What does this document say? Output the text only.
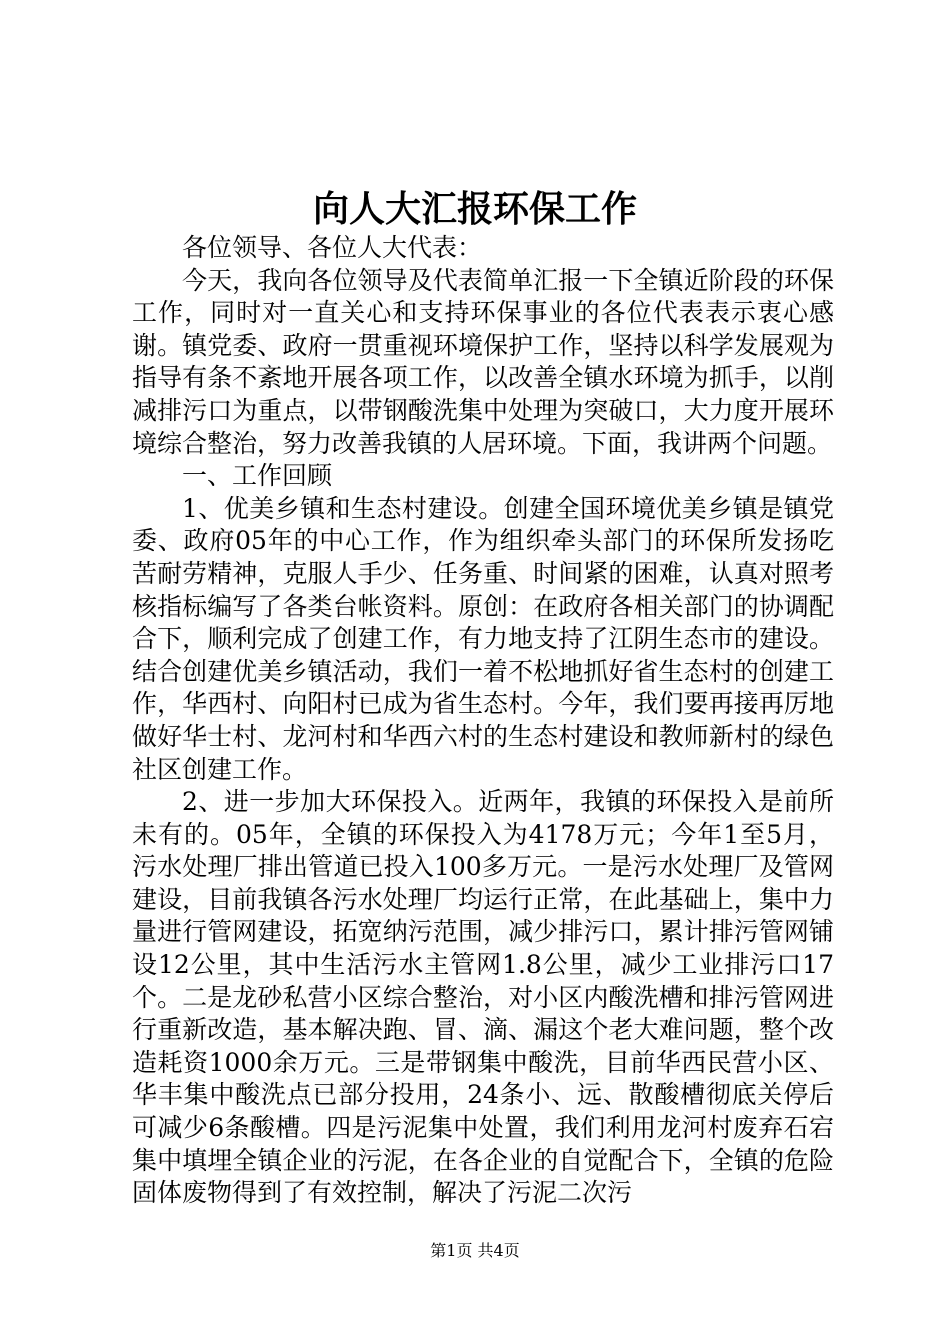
向人大汇报环保工作

各位领导、各位人大代表：

今天，我向各位领导及代表简单汇报一下全镇近阶段的环保工作，同时对一直关心和支持环保事业的各位代表表示衷心感谢。镇党委、政府一贯重视环境保护工作，坚持以科学发展观为指导有条不紊地开展各项工作，以改善全镇水环境为抓手，以削减排污口为重点，以带钢酸洗集中处理为突破口，大力度开展环境综合整治，努力改善我镇的人居环境。下面，我讲两个问题。

一、工作回顾

1、优美乡镇和生态村建设。创建全国环境优美乡镇是镇党委、政府05年的中心工作，作为组织牵头部门的环保所发扬吃苦耐劳精神，克服人手少、任务重、时间紧的困难，认真对照考核指标编写了各类台帐资料。原创：在政府各相关部门的协调配合下，顺利完成了创建工作，有力地支持了江阴生态市的建设。结合创建优美乡镇活动，我们一着不松地抓好省生态村的创建工作，华西村、向阳村已成为省生态村。今年，我们要再接再厉地做好华士村、龙河村和华西六村的生态村建设和教师新村的绿色社区创建工作。

2、进一步加大环保投入。近两年，我镇的环保投入是前所未有的。05年，全镇的环保投入为4178万元；今年1至5月，污水处理厂排出管道已投入100多万元。一是污水处理厂及管网建设，目前我镇各污水处理厂均运行正常，在此基础上，集中力量进行管网建设，拓宽纳污范围，减少排污口，累计排污管网铺设12公里，其中生活污水主管网1.8公里，减少工业排污口17个。二是龙砂私营小区综合整治，对小区内酸洗槽和排污管网进行重新改造，基本解决跑、冒、滴、漏这个老大难问题，整个改造耗资1000余万元。三是带钢集中酸洗，目前华西民营小区、华丰集中酸洗点已部分投用，24条小、远、散酸槽彻底关停后可减少6条酸槽。四是污泥集中处置，我们利用龙河村废弃石宕集中填埋全镇企业的污泥，在各企业的自觉配合下，全镇的危险固体废物得到了有效控制，解决了污泥二次污

第1页 共4页
